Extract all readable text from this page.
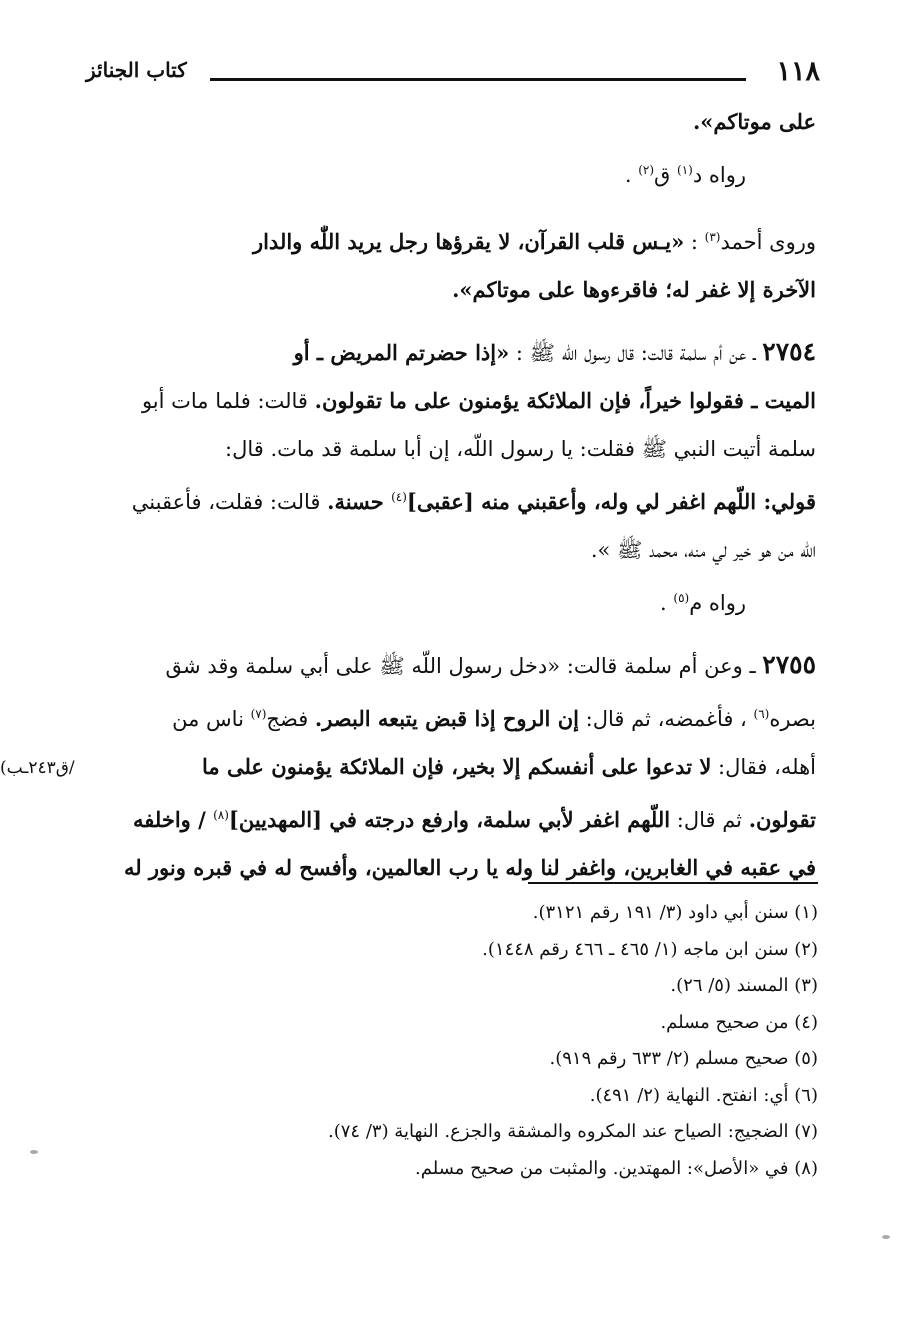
١١٨
كتاب الجنائز

على موتاكم».

رواه د$^{(١)}$ ق$^{(٢)}$ .

وروى أحمد$^{(٣)}$ : «يـس قلب القرآن، لا يقرؤها رجل يريد اللّٰه والدار

الآخرة إلا غفر له؛ فاقرءوها على موتاكم».

٢٧٥٤ ـ عن أم سلمة قالت: قال رسول اللّه ﷺ : «إذا حضرتم المريض ـ أو

الميت ـ فقولوا خيراً، فإن الملائكة يؤمنون على ما تقولون. قالت: فلما مات أبو

سلمة أتيت النبي ﷺ فقلت: يا رسول اللّه، إن أبا سلمة قد مات. قال:

قولي: اللّهم اغفر لي وله، وأعقبني منه [عقبى]$^{(٤)}$ حسنة. قالت: فقلت، فأعقبني

اللّه من هو خير لي منه، محمد ﷺ ».

رواه م$^{(٥)}$ .

٢٧٥٥ ـ وعن أم سلمة قالت: «دخل رسول اللّه ﷺ على أبي سلمة وقد شق

بصره$^{(٦)}$ ، فأغمضه، ثم قال: إن الروح إذا قبض يتبعه البصر. فضج$^{(٧)}$ ناس من

أهله، فقال: لا تدعوا على أنفسكم إلا بخير، فإن الملائكة يؤمنون على ما

تقولون. ثم قال: اللّهم اغفر لأبي سلمة، وارفع درجته في [المهديين]$^{(٨)}$ / واخلفه

في عقبه في الغابرين، واغفر لنا وله يا رب العالمين، وأفسح له في قبره ونور له

/ق٢٤٣ـب)

(١) سنن أبي داود (٣/ ١٩١ رقم ٣١٢١).

(٢) سنن ابن ماجه (١/ ٤٦٥ ـ ٤٦٦ رقم ١٤٤٨).

(٣) المسند (٥/ ٢٦).

(٤) من صحيح مسلم.

(٥) صحيح مسلم (٢/ ٦٣٣ رقم ٩١٩).

(٦) أي: انفتح. النهاية (٢/ ٤٩١).

(٧) الضجيج: الصياح عند المكروه والمشقة والجزع. النهاية (٣/ ٧٤).

(٨) في «الأصل»: المهتدين. والمثبت من صحيح مسلم.
